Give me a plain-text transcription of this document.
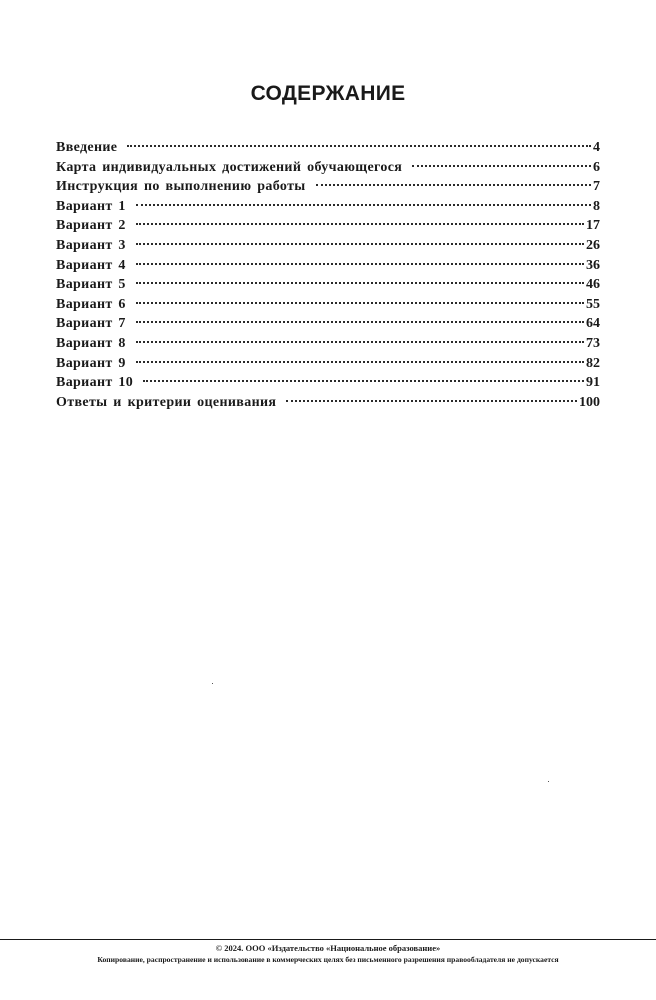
СОДЕРЖАНИЕ
Введение	4
Карта индивидуальных достижений обучающегося	6
Инструкция по выполнению работы	7
Вариант 1	8
Вариант 2	17
Вариант 3	26
Вариант 4	36
Вариант 5	46
Вариант 6	55
Вариант 7	64
Вариант 8	73
Вариант 9	82
Вариант 10	91
Ответы и критерии оценивания	100
© 2024. ООО «Издательство «Национальное образование»
Копирование, распространение и использование в коммерческих целях без письменного разрешения правообладателя не допускается
